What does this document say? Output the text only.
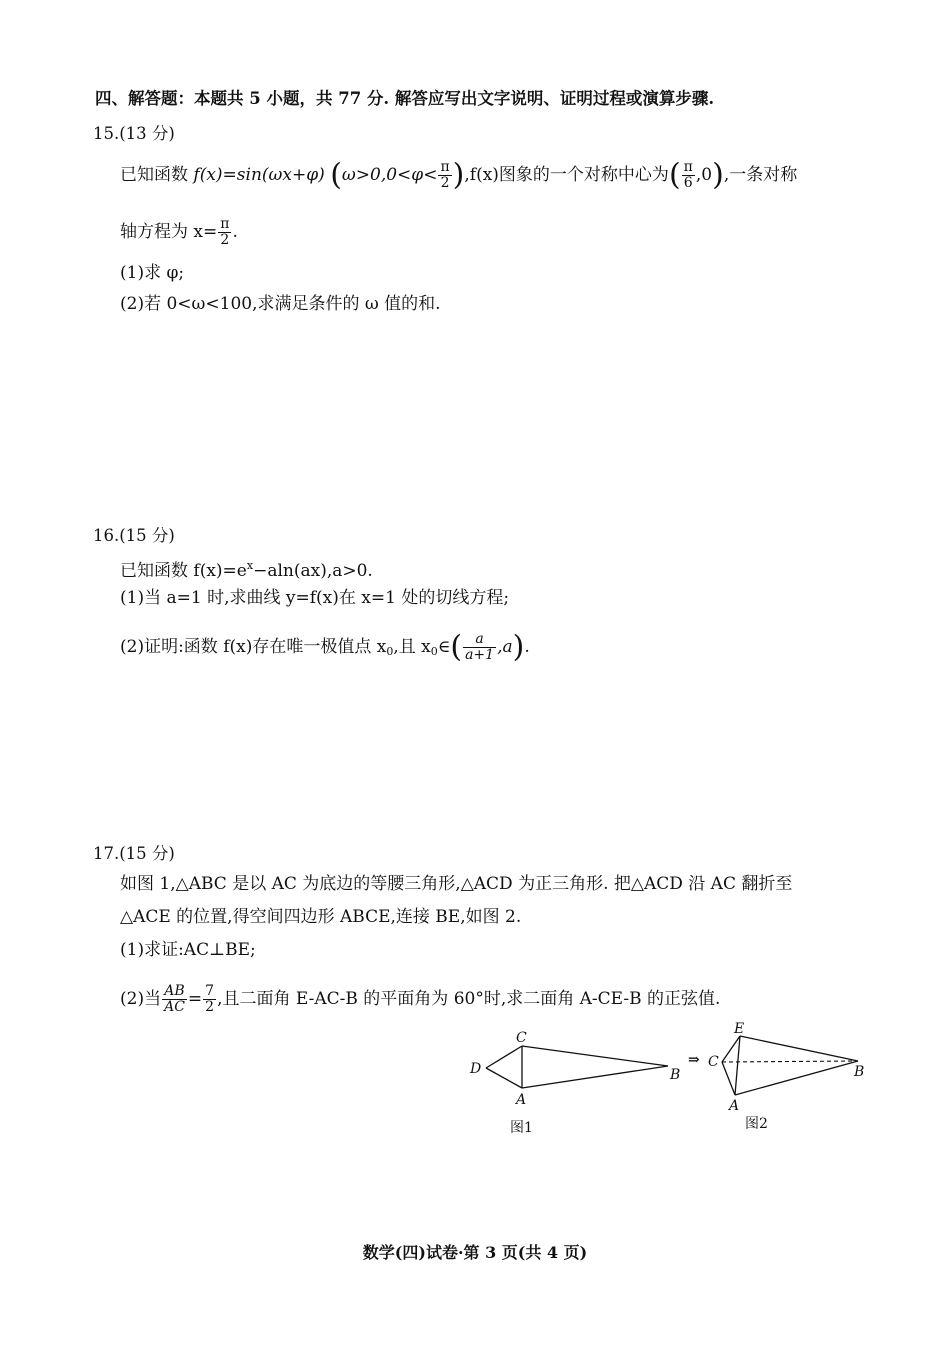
四、解答题：本题共 5 小题，共 77 分. 解答应写出文字说明、证明过程或演算步骤.
15.(13 分)
已知函数 f(x)=sin(ωx+φ) $(\omega>0,0<\varphi< \frac{\pi}{2} ),f(x)$图象的一个对称中心为( $\frac{\pi}{6} ,0$),一条对称
轴方程为 $x= \frac{\pi}{2}$ .
(1)求 φ;
(2)若 0<ω<100,求满足条件的 ω 值的和.
16.(15 分)
已知函数 $f(x)=e^x-aln(ax),a>0$.
(1)当 a=1 时,求曲线 y=f(x)在 x=1 处的切线方程;
(2)证明:函数 f(x)存在唯一极值点 $x_0$,且 $x_0\in( \frac{a}{a+1} ,a)$.
17.(15 分)
如图 1,△ABC 是以 AC 为底边的等腰三角形,△ACD 为正三角形. 把△ACD 沿 AC 翻折至
△ACE 的位置,得空间四边形 ABCE,连接 BE,如图 2.
(1)求证:AC⊥BE;
(2)当 $\frac{AB}{AC} = \frac{7}{2}$ ,且二面角 E-AC-B 的平面角为 60°时,求二面角 A-CE-B 的正弦值.
C
D
A
B
图1
⇒
E
C
A
B
图2
数学(四)试卷·第 3 页(共 4 页)
